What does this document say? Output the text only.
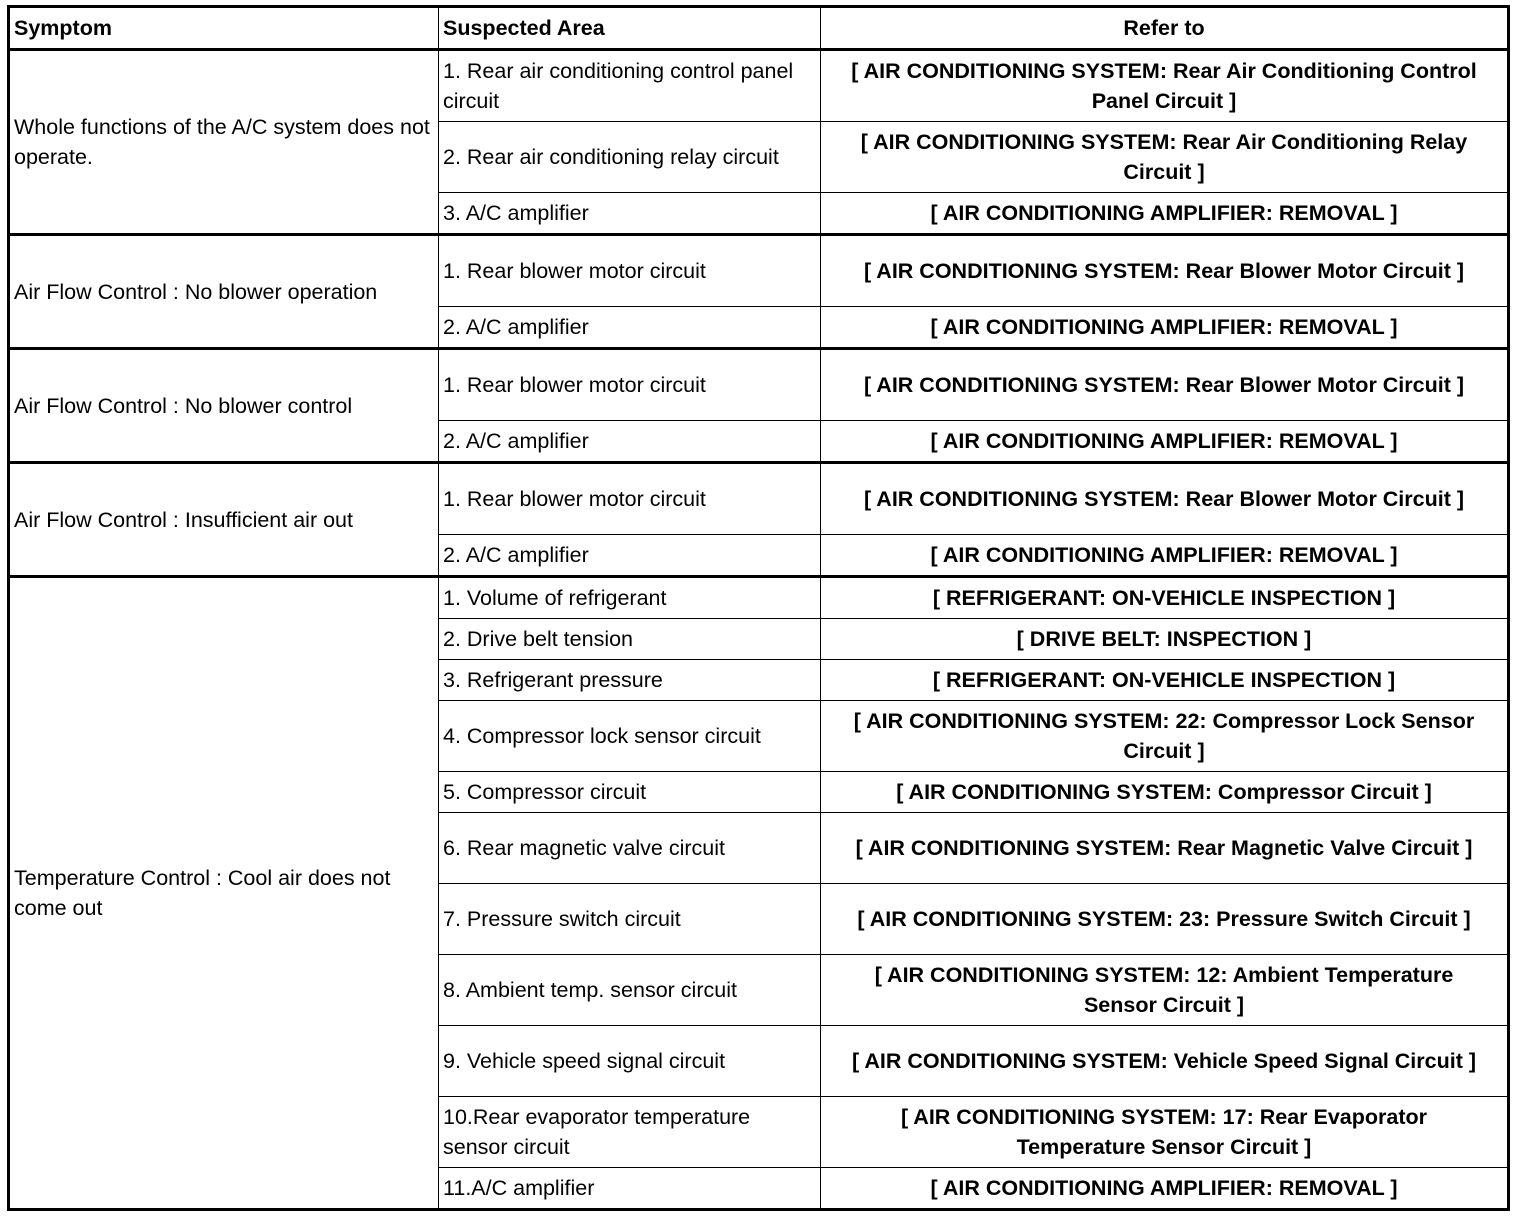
Symptom	Suspected Area	Refer to
Whole functions of the A/C system does not operate.	1. Rear air conditioning control panel circuit	[ AIR CONDITIONING SYSTEM: Rear Air Conditioning Control Panel Circuit ]
	2. Rear air conditioning relay circuit	[ AIR CONDITIONING SYSTEM: Rear Air Conditioning Relay Circuit ]
	3. A/C amplifier	[ AIR CONDITIONING AMPLIFIER: REMOVAL ]
Air Flow Control : No blower operation	1. Rear blower motor circuit	[ AIR CONDITIONING SYSTEM: Rear Blower Motor Circuit ]
	2. A/C amplifier	[ AIR CONDITIONING AMPLIFIER: REMOVAL ]
Air Flow Control : No blower control	1. Rear blower motor circuit	[ AIR CONDITIONING SYSTEM: Rear Blower Motor Circuit ]
	2. A/C amplifier	[ AIR CONDITIONING AMPLIFIER: REMOVAL ]
Air Flow Control : Insufficient air out	1. Rear blower motor circuit	[ AIR CONDITIONING SYSTEM: Rear Blower Motor Circuit ]
	2. A/C amplifier	[ AIR CONDITIONING AMPLIFIER: REMOVAL ]
Temperature Control : Cool air does not come out	1. Volume of refrigerant	[ REFRIGERANT: ON-VEHICLE INSPECTION ]
	2. Drive belt tension	[ DRIVE BELT: INSPECTION ]
	3. Refrigerant pressure	[ REFRIGERANT: ON-VEHICLE INSPECTION ]
	4. Compressor lock sensor circuit	[ AIR CONDITIONING SYSTEM: 22: Compressor Lock Sensor Circuit ]
	5. Compressor circuit	[ AIR CONDITIONING SYSTEM: Compressor Circuit ]
	6. Rear magnetic valve circuit	[ AIR CONDITIONING SYSTEM: Rear Magnetic Valve Circuit ]
	7. Pressure switch circuit	[ AIR CONDITIONING SYSTEM: 23: Pressure Switch Circuit ]
	8. Ambient temp. sensor circuit	[ AIR CONDITIONING SYSTEM: 12: Ambient Temperature Sensor Circuit ]
	9. Vehicle speed signal circuit	[ AIR CONDITIONING SYSTEM: Vehicle Speed Signal Circuit ]
	10.Rear evaporator temperature sensor circuit	[ AIR CONDITIONING SYSTEM: 17: Rear Evaporator Temperature Sensor Circuit ]
	11.A/C amplifier	[ AIR CONDITIONING AMPLIFIER: REMOVAL ]
